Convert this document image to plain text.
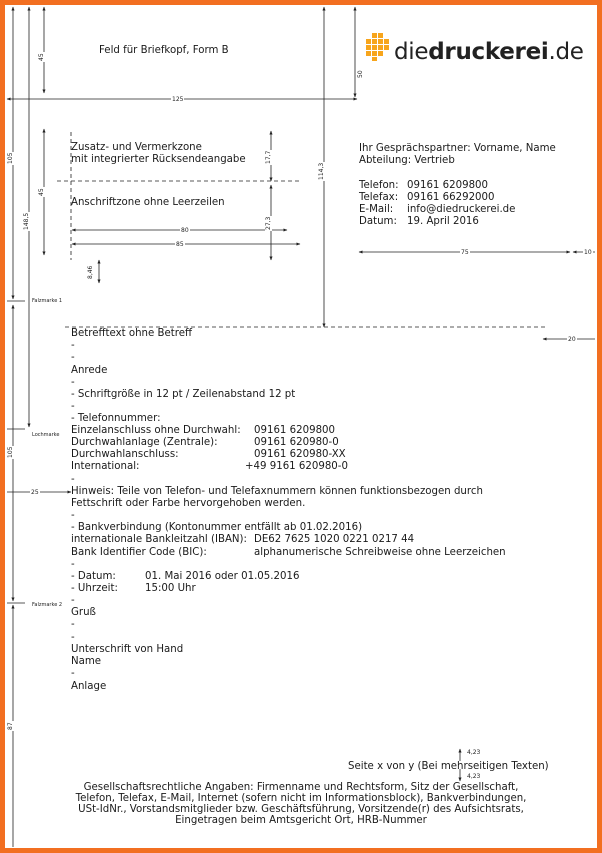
45
50
125
105
148,5
45
17,7
114,3
27,3
80
85
8,46
75	10
20
105
25
87
4,23
4,23
Falzmarke 1
Lochmarke
Falzmarke 2
Feld für Briefkopf, Form B	diedruckerei.de
Zusatz- und Vermerkzone
mit integrierter Rücksendeangabe
Anschriftzone ohne Leerzeilen
Ihr Gesprächspartner: Vorname, Name
Abteilung: Vertrieb
Telefon: 09161 6209800
Telefax: 09161 66292000
E-Mail: info@diedruckerei.de
Datum: 19. April 2016
Betrefftext ohne Betreff
-
-
Anrede
-
- Schriftgröße in 12 pt / Zeilenabstand 12 pt
-
- Telefonnummer:
Einzelanschluss ohne Durchwahl: 09161 6209800
Durchwahlanlage (Zentrale):	09161 620980-0
Durchwahlanschluss:	09161 620980-XX
International:	+49 9161 620980-0
-
Hinweis: Teile von Telefon- und Telefaxnummern können funktionsbezogen durch
Fettschrift oder Farbe hervorgehoben werden.
-
- Bankverbindung (Kontonummer entfällt ab 01.02.2016)
internationale Bankleitzahl (IBAN): DE62 7625 1020 0221 0217 44
Bank Identifier Code (BIC):	alphanumerische Schreibweise ohne Leerzeichen
-
- Datum:	01. Mai 2016 oder 01.05.2016
- Uhrzeit:	15:00 Uhr
-
Gruß
-
-
Unterschrift von Hand
Name
-
Anlage
Seite x von y (Bei mehrseitigen Texten)
Gesellschaftsrechtliche Angaben: Firmenname und Rechtsform, Sitz der Gesellschaft,
Telefon, Telefax, E-Mail, Internet (sofern nicht im Informationsblock), Bankverbindungen,
USt-IdNr., Vorstandsmitglieder bzw. Geschäftsführung, Vorsitzende(r) des Aufsichtsrats,
Eingetragen beim Amtsgericht Ort, HRB-Nummer
